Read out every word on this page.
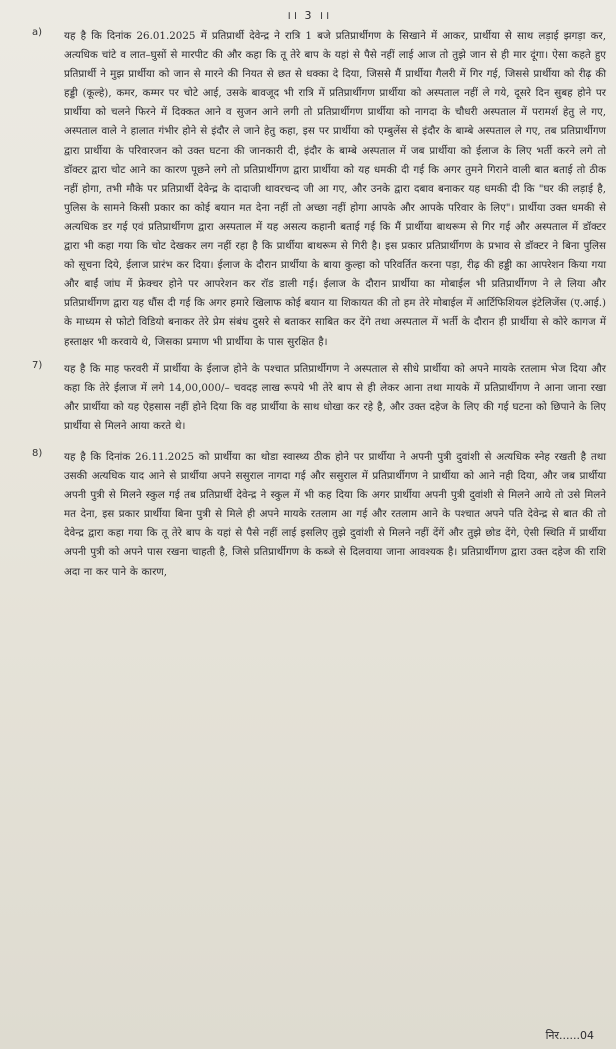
।। 3 ।।
a) यह है कि दिनांक 26.01.2025 में प्रतिप्रार्थी देवेन्द्र ने रात्रि 1 बजे प्रतिप्रार्थीगण के सिखाने में आकर, प्रार्थीया से साथ लड़ाई झगड़ा कर, अत्यधिक चांटे व लात–घुसों से मारपीट की और कहा कि तू तेरे बाप के यहां से पैसे नहीं लाई आज तो तुझे जान से ही मार दूंगा। ऐसा कहते हुए प्रतिप्रार्थी ने मुझ प्रार्थीया को जान से मारने की नियत से छत से धक्का दे दिया, जिससे मैं प्रार्थीया गैलरी में गिर गई, जिससे प्रार्थीया को रीढ़ की हड्डी (कूल्हे), कमर, कम्मर पर चोटे आई, उसके बावजूद भी रात्रि में प्रतिप्रार्थीगण प्रार्थीया को अस्पताल नहीं ले गये, दूसरे दिन सुबह होने पर प्रार्थीया को चलने फिरने में दिक्कत आने व सुजन आने लगी तो प्रतिप्रार्थीगण प्रार्थीया को नागदा के चौधरी अस्पताल में परामर्श हेतु ले गए, अस्पताल वाले ने हालात गंभीर होने से इंदौर ले जाने हेतु कहा, इस पर प्रार्थीया को एम्बुलेंस से इंदौर के बाम्बे अस्पताल ले गए, तब प्रतिप्रार्थीगण द्वारा प्रार्थीया के परिवारजन को उक्त घटना की जानकारी दी, इंदौर के बाम्बे अस्पताल में जब प्रार्थीया को ईलाज के लिए भर्ती करने लगे तो डॉक्टर द्वारा चोट आने का कारण पूछने लगे तो प्रतिप्रार्थीगण द्वारा प्रार्थीया को यह धमकी दी गई कि अगर तुमने गिराने वाली बात बताई तो ठीक नहीं होगा, तभी मौके पर प्रतिप्रार्थी देवेन्द्र के दादाजी थावरचन्द जी आ गए, और उनके द्वारा दबाव बनाकर यह धमकी दी कि "घर की लड़ाई है, पुलिस के सामने किसी प्रकार का कोई बयान मत देना नहीं तो अच्छा नहीं होगा आपके और आपके परिवार के लिए"। प्रार्थीया उक्त धमकी से अत्यधिक डर गई एवं प्रतिप्रार्थीगण द्वारा अस्पताल में यह असत्य कहानी बताई गई कि मैं प्रार्थीया बाथरूम से गिर गई और अस्पताल में डॉक्टर द्वारा भी कहा गया कि चोट देखकर लग नहीं रहा है कि प्रार्थीया बाथरूम से गिरी है। इस प्रकार प्रतिप्रार्थीगण के प्रभाव से डॉक्टर ने बिना पुलिस को सूचना दिये, ईलाज प्रारंभ कर दिया। ईलाज के दौरान प्रार्थीया के बाया कुल्हा को परिवर्तित करना पड़ा, रीढ़ की हड्डी का आपरेशन किया गया और बाईं जांघ में फ्रेक्चर होने पर आपरेशन कर रॉड डाली गई। ईलाज के दौरान प्रार्थीया का मोबाईल भी प्रतिप्रार्थीगण ने ले लिया और प्रतिप्रार्थीगण द्वारा यह धौंस दी गई कि अगर हमारे खिलाफ कोई बयान या शिकायत की तो हम तेरे मोबाईल में आर्टिफिशियल इंटेलिजेंस (ए.आई.) के माध्यम से फोटो विडियो बनाकर तेरे प्रेम संबंध दुसरे से बताकर साबित कर देंगे तथा अस्पताल में भर्ती के दौरान ही प्रार्थीया से कोरे कागज में हस्ताक्षर भी करवाये थे, जिसका प्रमाण भी प्रार्थीया के पास सुरक्षित है।

7) यह है कि माह फरवरी में प्रार्थीया के ईलाज होने के पश्चात प्रतिप्रार्थीगण ने अस्पताल से सीधे प्रार्थीया को अपने मायके रतलाम भेज दिया और कहा कि तेरे ईलाज में लगे 14,00,000/– चवदह लाख रूपये भी तेरे बाप से ही लेकर आना तथा मायके में प्रतिप्रार्थीगण ने आना जाना रखा और प्रार्थीया को यह ऐहसास नहीं होने दिया कि वह प्रार्थीया के साथ धोखा कर रहे है, और उक्त दहेज के लिए की गई घटना को छिपाने के लिए प्रार्थीया से मिलने आया करते थे।

8) यह है कि दिनांक 26.11.2025 को प्रार्थीया का थोडा स्वास्थ्य ठीक होने पर प्रार्थीया ने अपनी पुत्री दुवांशी से अत्यधिक स्नेह रखती है तथा उसकी अत्यधिक याद आने से प्रार्थीया अपने ससुराल नागदा गई और ससुराल में प्रतिप्रार्थीगण ने प्रार्थीया को आने नही दिया, और जब प्रार्थीया अपनी पुत्री से मिलने स्कुल गई तब प्रतिप्रार्थी देवेन्द्र ने स्कुल में भी कह दिया कि अगर प्रार्थीया अपनी पुत्री दुवांशी से मिलने आये तो उसे मिलने मत देना, इस प्रकार प्रार्थीया बिना पुत्री से मिले ही अपने मायके रतलाम आ गई और रतलाम आने के पश्चात अपने पति देवेन्द्र से बात की तो देवेन्द्र द्वारा कहा गया कि तू तेरे बाप के यहां से पैसे नहीं लाई इसलिए तुझे दुवांशी से मिलने नहीं देंगें और तुझे छोड देंगे, ऐसी स्थिति में प्रार्थीया अपनी पुत्री को अपने पास रखना चाहती है, जिसे प्रतिप्रार्थीगण के कब्जे से दिलवाया जाना आवश्यक है। प्रतिप्रार्थीगण द्वारा उक्त दहेज की राशि अदा ना कर पाने के कारण,

निर......04
